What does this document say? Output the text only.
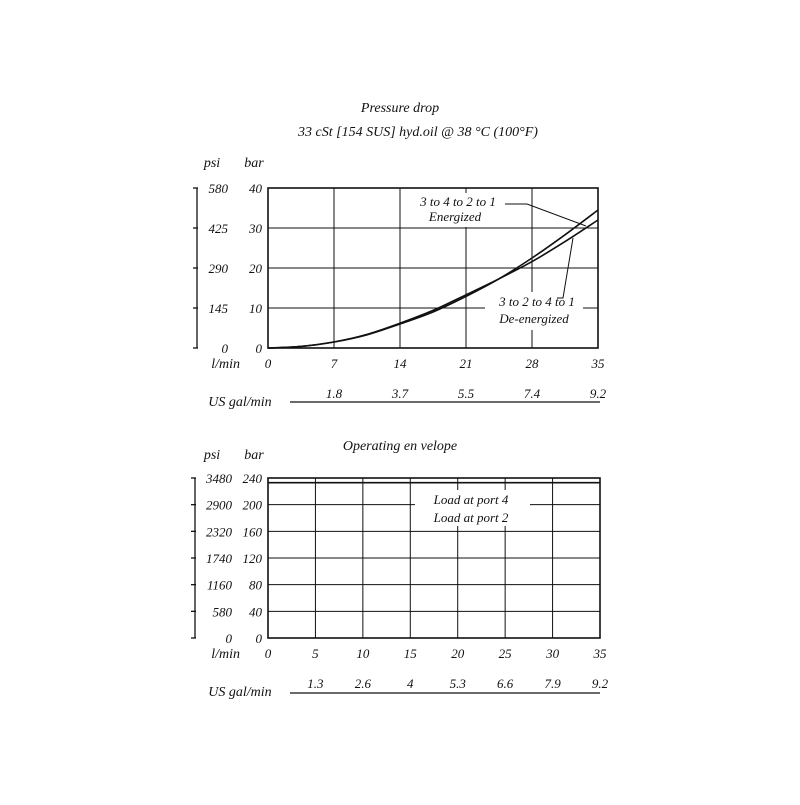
Pressure drop
33 cSt [154 SUS] hyd.oil @ 38 °C (100°F)
psi bar
l/min
US gal/min
0
145
290
425
580
0
10
20
30
40
0	7	14	21	28	35
1.8	3.7	5.5	7.4	9.2
Operating en velope
psi bar
l/min
US gal/min
0
580
1160
1740
2320
2900
3480
0
40
80
120
160
200
240
0	5	10	15	20	25	30	35
1.3 2.6	4	5.3 6.6 7.9 9.2
3 to 4 to 2 to 1
Energized
3 to 2 to 4 to 1
De-energized
Load at port 4
Load at port 2
